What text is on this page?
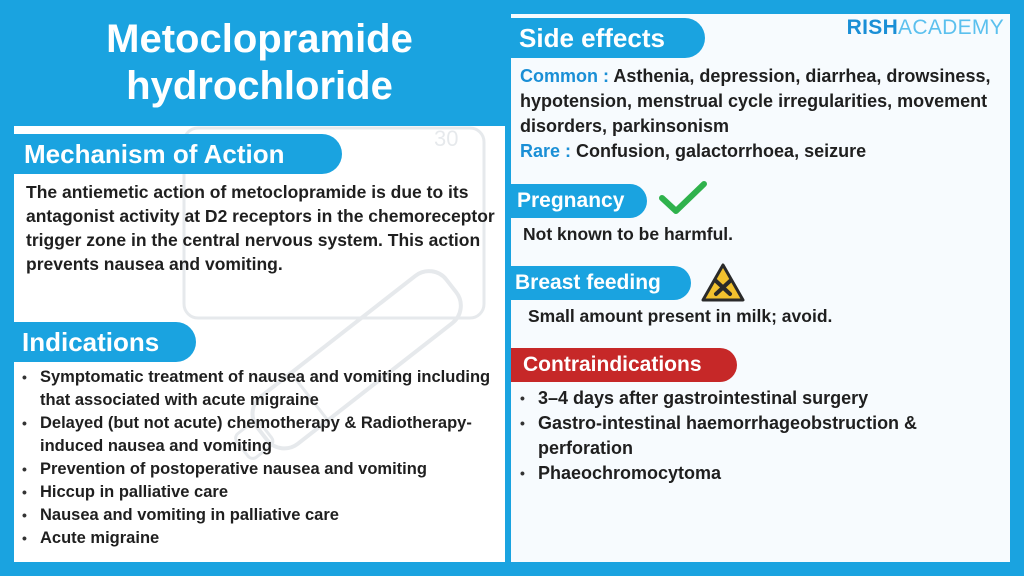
Metoclopramide hydrochloride
30
RISHACADEMY
Mechanism of Action
The antiemetic action of metoclopramide is due to its antagonist activity at D2 receptors in the chemoreceptor trigger zone in the central nervous system. This action prevents nausea and vomiting.
Indications
• Symptomatic treatment of nausea and vomiting including that associated with acute migraine
• Delayed (but not acute) chemotherapy & Radiotherapy-induced nausea and vomiting
• Prevention of postoperative nausea and vomiting
• Hiccup in palliative care
• Nausea and vomiting in palliative care
• Acute migraine
Side effects
Common : Asthenia, depression, diarrhea, drowsiness, hypotension, menstrual cycle irregularities, movement disorders, parkinsonism
Rare : Confusion, galactorrhoea, seizure
Pregnancy
Not known to be harmful.
Breast feeding
Small amount present in milk; avoid.
Contraindications
• 3–4 days after gastrointestinal surgery
• Gastro-intestinal haemorrhageobstruction & perforation
• Phaeochromocytoma
